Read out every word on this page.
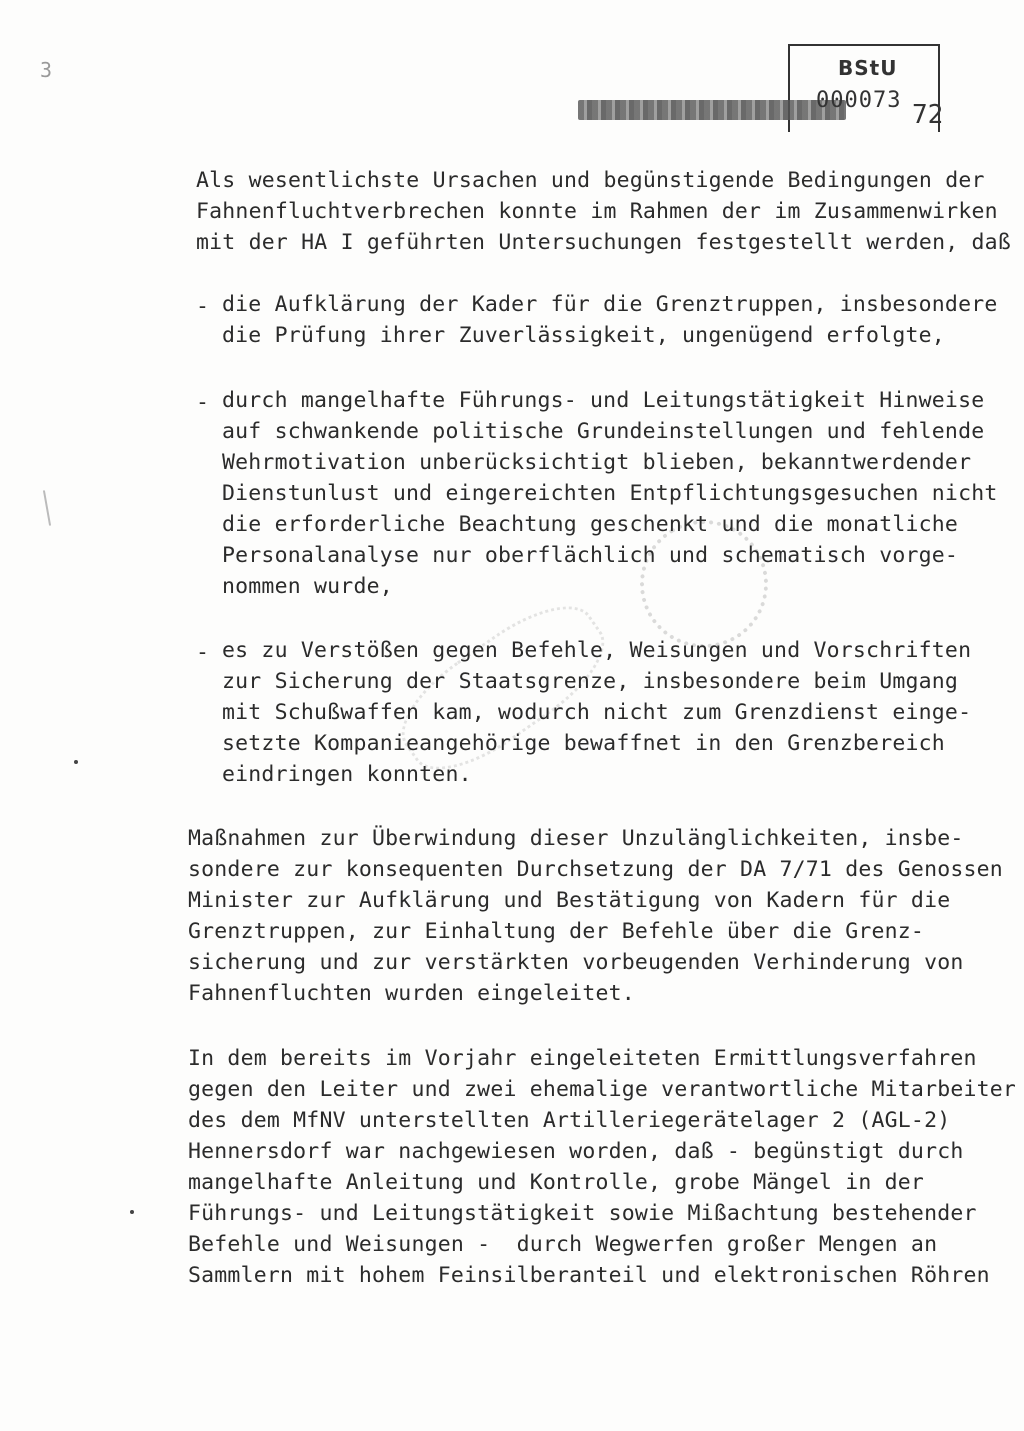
3	BStU
000073 72
Als wesentlichste Ursachen und begünstigende Bedingungen der
Fahnenfluchtverbrechen konnte im Rahmen der im Zusammenwirken
mit der HA I geführten Untersuchungen festgestellt werden, daß
- die Aufklärung der Kader für die Grenztruppen, insbesondere
die Prüfung ihrer Zuverlässigkeit, ungenügend erfolgte,
- durch mangelhafte Führungs- und Leitungstätigkeit Hinweise
auf schwankende politische Grundeinstellungen und fehlende
Wehrmotivation unberücksichtigt blieben, bekanntwerdender
Dienstunlust und eingereichten Entpflichtungsgesuchen nicht
die erforderliche Beachtung geschenkt und die monatliche
Personalanalyse nur oberflächlich und schematisch vorge-
nommen wurde,
- es zu Verstößen gegen Befehle, Weisungen und Vorschriften
zur Sicherung der Staatsgrenze, insbesondere beim Umgang
mit Schußwaffen kam, wodurch nicht zum Grenzdienst einge-
setzte Kompanieangehörige bewaffnet in den Grenzbereich
eindringen konnten.
Maßnahmen zur Überwindung dieser Unzulänglichkeiten, insbe-
sondere zur konsequenten Durchsetzung der DA 7/71 des Genossen
Minister zur Aufklärung und Bestätigung von Kadern für die
Grenztruppen, zur Einhaltung der Befehle über die Grenz-
sicherung und zur verstärkten vorbeugenden Verhinderung von
Fahnenfluchten wurden eingeleitet.
In dem bereits im Vorjahr eingeleiteten Ermittlungsverfahren
gegen den Leiter und zwei ehemalige verantwortliche Mitarbeiter
des dem MfNV unterstellten Artilleriegerätelager 2 (AGL-2)
Hennersdorf war nachgewiesen worden, daß - begünstigt durch
mangelhafte Anleitung und Kontrolle, grobe Mängel in der
Führungs- und Leitungstätigkeit sowie Mißachtung bestehender
Befehle und Weisungen -  durch Wegwerfen großer Mengen an
Sammlern mit hohem Feinsilberanteil und elektronischen Röhren
